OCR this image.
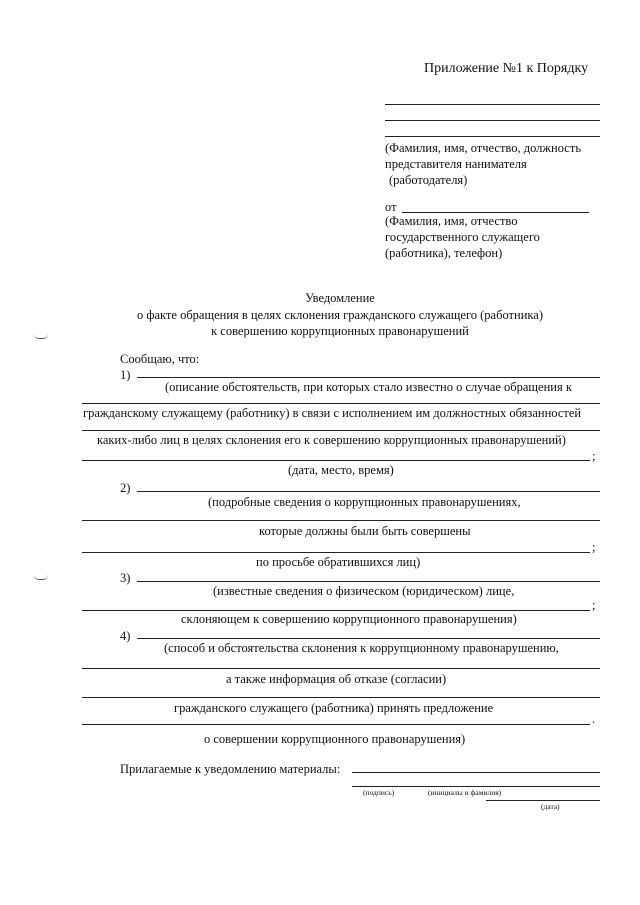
Приложение №1 к Порядку
(Фамилия, имя, отчество, должность
представителя нанимателя
(работодателя)
от
(Фамилия, имя, отчество
государственного служащего
(работника), телефон)
Уведомление
о факте обращения в целях склонения гражданского служащего (работника)
к совершению коррупционных правонарушений
Сообщаю, что:
1)
(описание обстоятельств, при которых стало известно о случае обращения к
гражданскому служащему (работнику) в связи с исполнением им должностных обязанностей
каких-либо лиц в целях склонения его к совершению коррупционных правонарушений)
;
(дата, место, время)
2)
(подробные сведения о коррупционных правонарушениях,
которые должны были быть совершены
;
по просьбе обратившихся лиц)
3)
(известные сведения о физическом (юридическом) лице,
;
склоняющем к совершению коррупционного правонарушения)
4)
(способ и обстоятельства склонения к коррупционному правонарушению,
а также информация об отказе (согласии)
гражданского служащего (работника) принять предложение
.
о совершении коррупционного правонарушения)
Прилагаемые к уведомлению материалы:
(подпись)	(инициалы и фамилия)
(дата)
